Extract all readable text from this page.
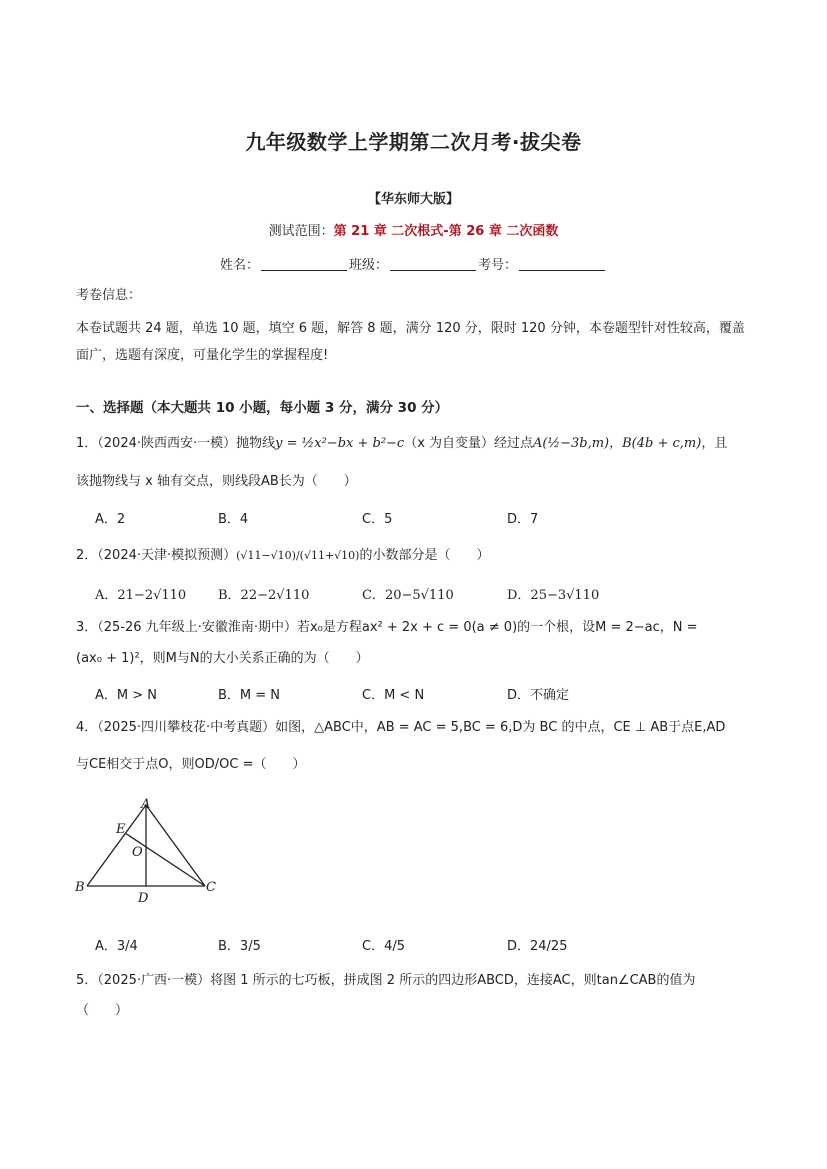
九年级数学上学期第二次月考·拔尖卷
【华东师大版】
测试范围：第 21 章 二次根式-第 26 章 二次函数
姓名：	班级：	考号：
考卷信息：
本卷试题共 24 题，单选 10 题，填空 6 题，解答 8 题，满分 120 分，限时 120 分钟，本卷题型针对性较高，覆盖
面广，选题有深度，可量化学生的掌握程度!
一、选择题（本大题共 10 小题，每小题 3 分，满分 30 分）
1．（2024·陕西西安·一模）抛物线y = ½x²−bx + b²−c（x 为自变量）经过点A(½−3b,m)，B(4b + c,m)，且
该抛物线与 x 轴有交点，则线段AB长为（　　）
A．2	B．4	C．5	D．7
2．（2024·天津·模拟预测）(√11−√10)/(√11+√10)的小数部分是（　　）
A．21−2√110 B．22−2√110	C．20−5√110	D．25−3√110
3．（25-26 九年级上·安徽淮南·期中）若x₀是方程ax² + 2x + c = 0(a ≠ 0)的一个根，设M = 2−ac，N =
(ax₀ + 1)²，则M与N的大小关系正确的为（　　）
A．M > N	B．M = N	C．M < N	D．不确定
4．（2025·四川攀枝花·中考真题）如图，△ABC中，AB = AC = 5,BC = 6,D为 BC 的中点，CE ⊥ AB于点E,AD
与CE相交于点O，则OD/OC =（　　）
A
E
O
B
D
C
A．3/4	B．3/5	C．4/5	D．24/25
5．（2025·广西·一模）将图 1 所示的七巧板，拼成图 2 所示的四边形ABCD，连接AC，则tan∠CAB的值为
（　　）
